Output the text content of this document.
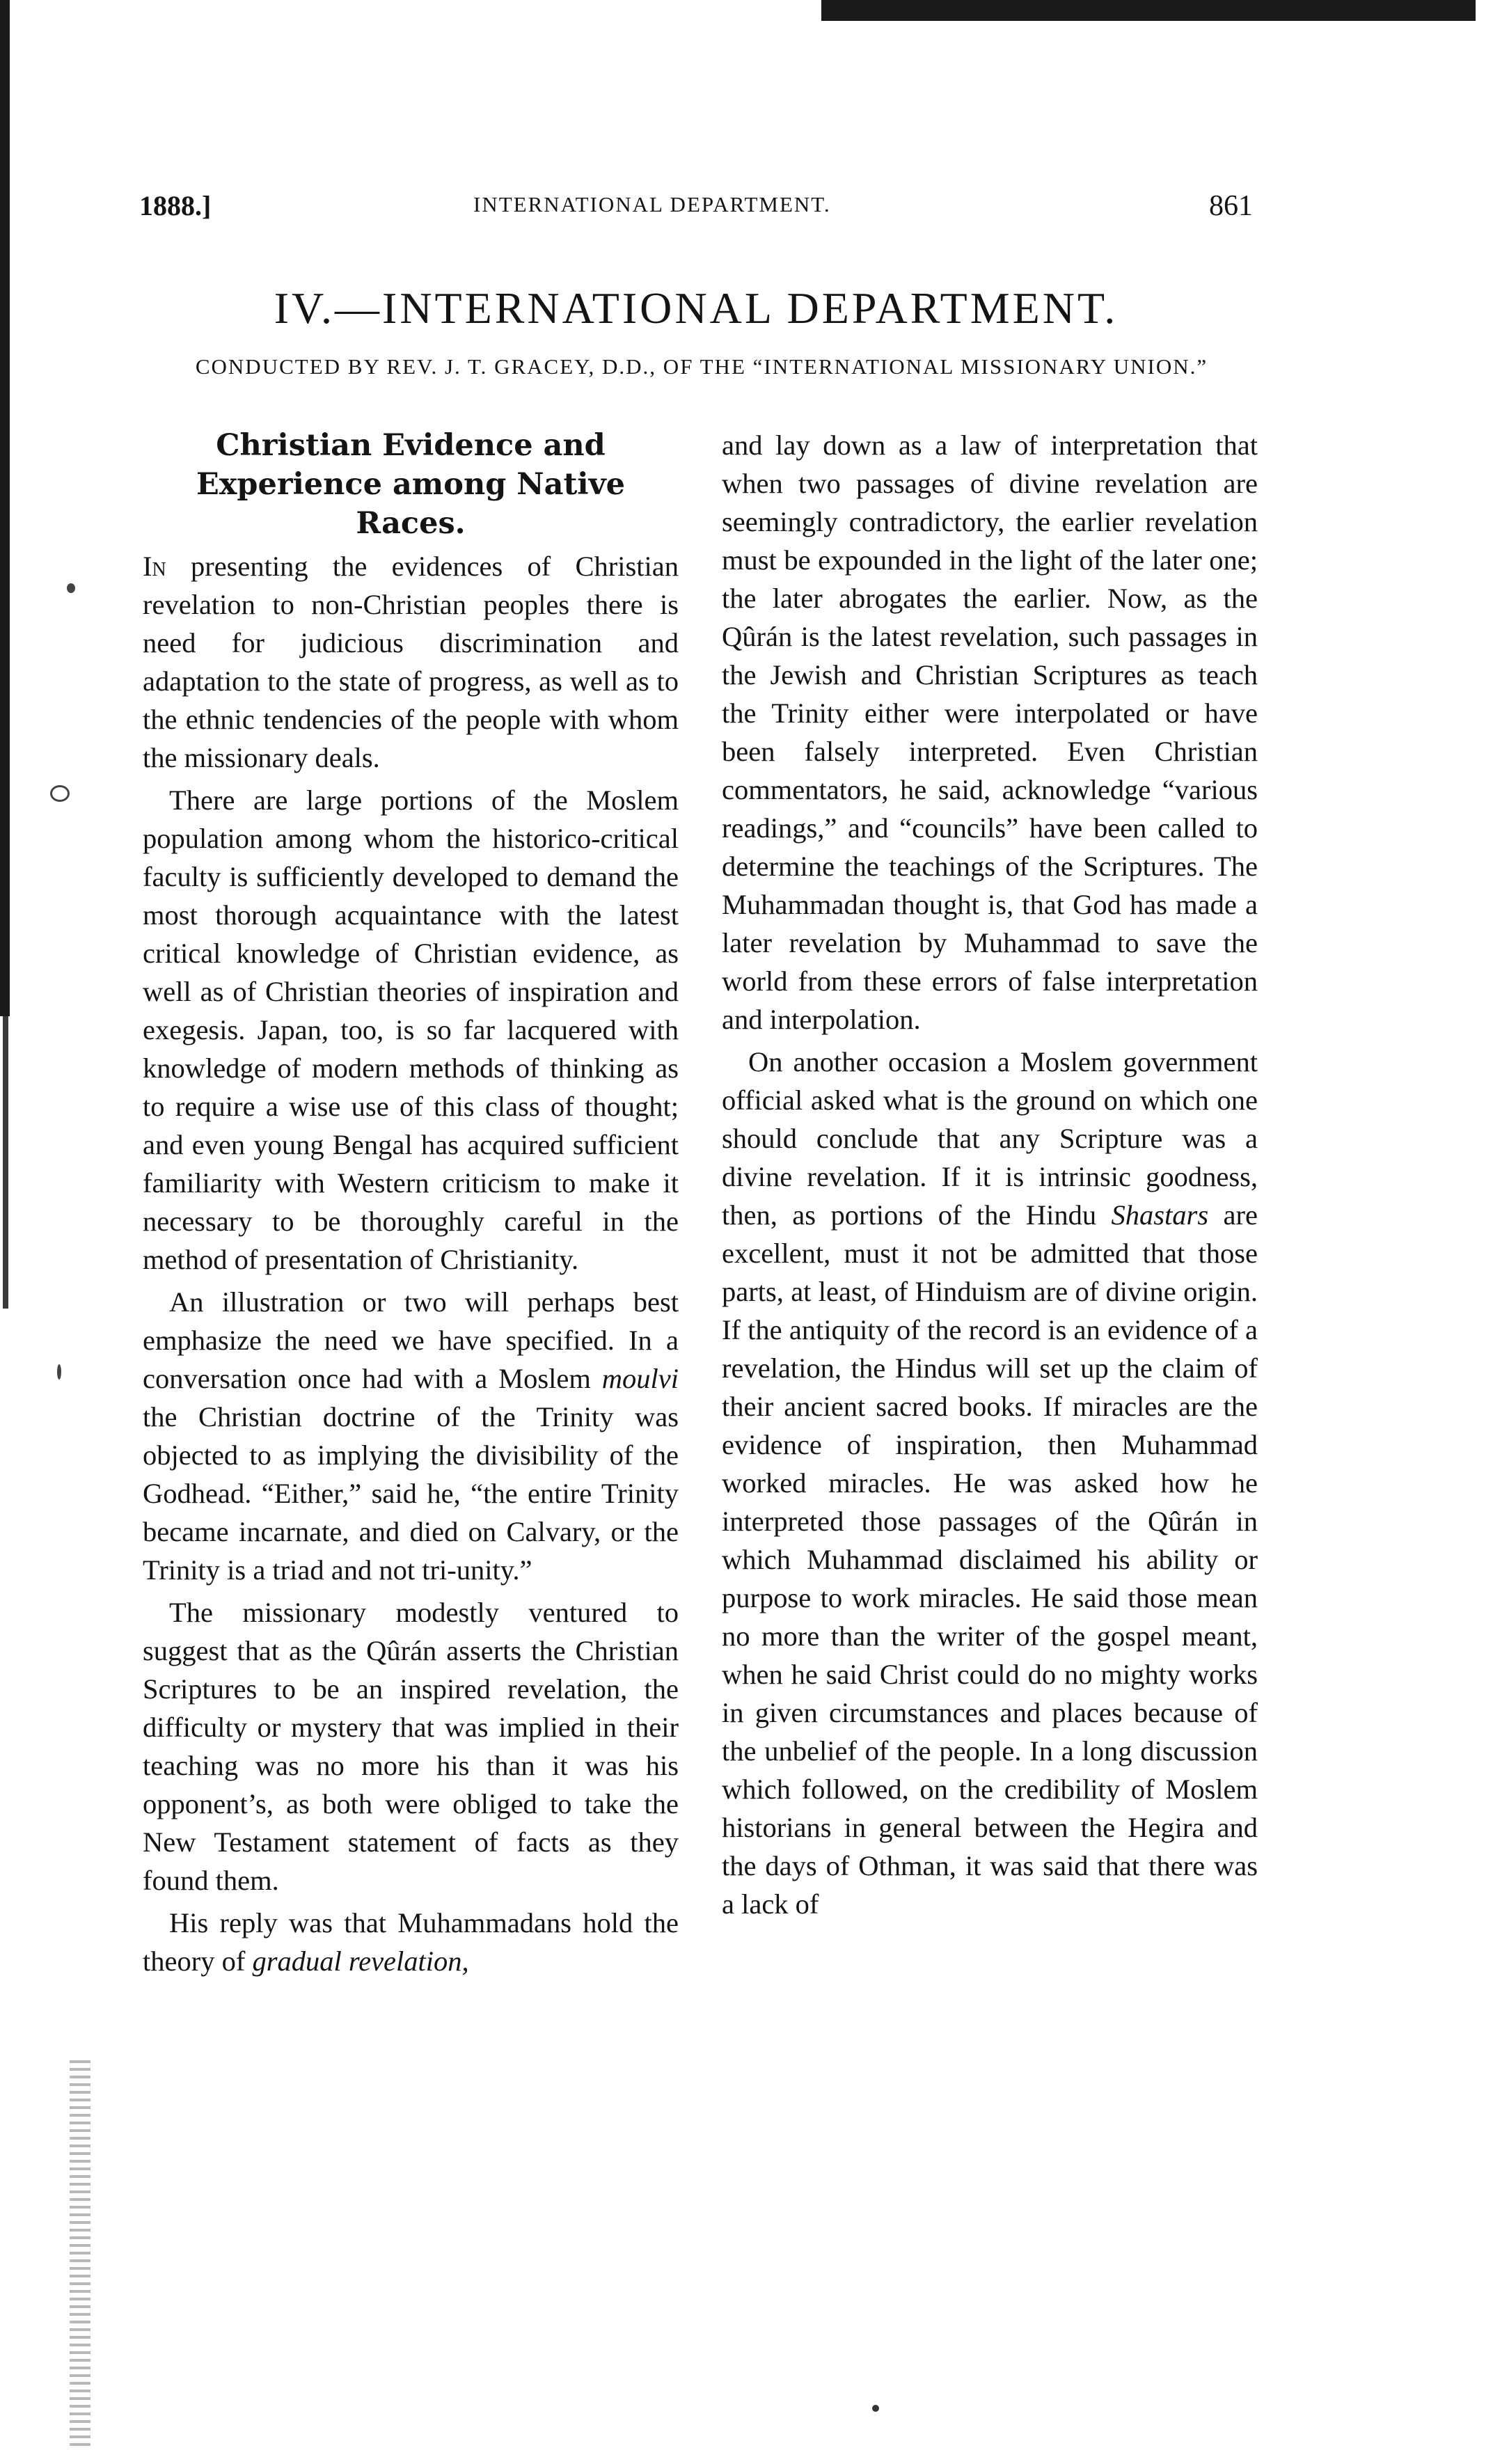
1888.]	INTERNATIONAL DEPARTMENT.	861
IV.—INTERNATIONAL DEPARTMENT.
CONDUCTED BY REV. J. T. GRACEY, D.D., OF THE “INTERNATIONAL MISSIONARY UNION.”
Christian Evidence and Experience among Native Races.

In presenting the evidences of Christian revelation to non-Christian peoples there is need for judicious discrimination and adaptation to the state of progress, as well as to the ethnic tendencies of the people with whom the missionary deals.

There are large portions of the Moslem population among whom the historico-critical faculty is sufficiently developed to demand the most thorough acquaintance with the latest critical knowledge of Christian evidence, as well as of Christian theories of inspiration and exegesis. Japan, too, is so far lacquered with knowledge of modern methods of thinking as to require a wise use of this class of thought; and even young Bengal has acquired sufficient familiarity with Western criticism to make it necessary to be thoroughly careful in the method of presentation of Christianity.

An illustration or two will perhaps best emphasize the need we have specified. In a conversation once had with a Moslem moulvi the Christian doctrine of the Trinity was objected to as implying the divisibility of the Godhead. “Either,” said he, “the entire Trinity became incarnate, and died on Calvary, or the Trinity is a triad and not tri-unity.”

The missionary modestly ventured to suggest that as the Qûrán asserts the Christian Scriptures to be an inspired revelation, the difficulty or mystery that was implied in their teaching was no more his than it was his opponent’s, as both were obliged to take the New Testament statement of facts as they found them.

His reply was that Muhammadans hold the theory of gradual revelation,

and lay down as a law of interpretation that when two passages of divine revelation are seemingly contradictory, the earlier revelation must be expounded in the light of the later one; the later abrogates the earlier. Now, as the Qûrán is the latest revelation, such passages in the Jewish and Christian Scriptures as teach the Trinity either were interpolated or have been falsely interpreted. Even Christian commentators, he said, acknowledge “various readings,” and “councils” have been called to determine the teachings of the Scriptures. The Muhammadan thought is, that God has made a later revelation by Muhammad to save the world from these errors of false interpretation and interpolation.

On another occasion a Moslem government official asked what is the ground on which one should conclude that any Scripture was a divine revelation. If it is intrinsic goodness, then, as portions of the Hindu Shastars are excellent, must it not be admitted that those parts, at least, of Hinduism are of divine origin. If the antiquity of the record is an evidence of a revelation, the Hindus will set up the claim of their ancient sacred books. If miracles are the evidence of inspiration, then Muhammad worked miracles. He was asked how he interpreted those passages of the Qûrán in which Muhammad disclaimed his ability or purpose to work miracles. He said those mean no more than the writer of the gospel meant, when he said Christ could do no mighty works in given circumstances and places because of the unbelief of the people. In a long discussion which followed, on the credibility of Moslem historians in general between the Hegira and the days of Othman, it was said that there was a lack of
